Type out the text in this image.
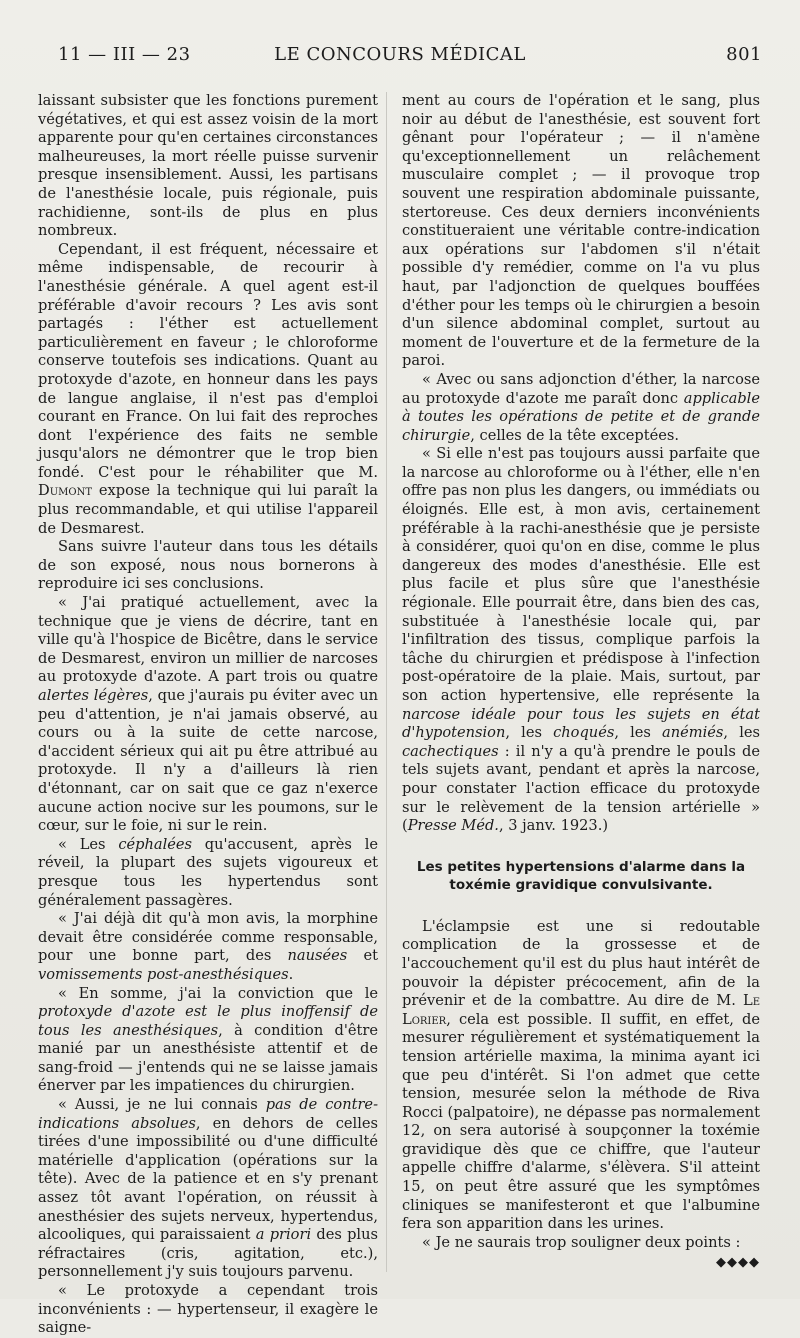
11 — III — 23	LE CONCOURS MÉDICAL	801

laissant subsister que les fonctions purement végétatives, et qui est assez voisin de la mort apparente pour qu'en certaines circonstances malheureuses, la mort réelle puisse survenir presque insensiblement. Aussi, les partisans de l'anesthésie locale, puis régionale, puis rachidienne, sont-ils de plus en plus nombreux.

Cependant, il est fréquent, nécessaire et même indispensable, de recourir à l'anesthésie générale. A quel agent est-il préférable d'avoir recours ? Les avis sont partagés : l'éther est actuellement particulièrement en faveur ; le chloroforme conserve toutefois ses indications. Quant au protoxyde d'azote, en honneur dans les pays de langue anglaise, il n'est pas d'emploi courant en France. On lui fait des reproches dont l'expérience des faits ne semble jusqu'alors ne démontrer que le trop bien fondé. C'est pour le réhabiliter que M. Dumont expose la technique qui lui paraît la plus recommandable, et qui utilise l'appareil de Desmarest.

Sans suivre l'auteur dans tous les détails de son exposé, nous nous bornerons à reproduire ici ses conclusions.

« J'ai pratiqué actuellement, avec la technique que je viens de décrire, tant en ville qu'à l'hospice de Bicêtre, dans le service de Desmarest, environ un millier de narcoses au protoxyde d'azote. A part trois ou quatre alertes légères, que j'aurais pu éviter avec un peu d'attention, je n'ai jamais observé, au cours ou à la suite de cette narcose, d'accident sérieux qui ait pu être attribué au protoxyde. Il n'y a d'ailleurs là rien d'étonnant, car on sait que ce gaz n'exerce aucune action nocive sur les poumons, sur le cœur, sur le foie, ni sur le rein.

« Les céphalées qu'accusent, après le réveil, la plupart des sujets vigoureux et presque tous les hypertendus sont généralement passagères.

« J'ai déjà dit qu'à mon avis, la morphine devait être considérée comme responsable, pour une bonne part, des nausées et vomissements post-anesthésiques.

« En somme, j'ai la conviction que le protoxyde d'azote est le plus inoffensif de tous les anesthésiques, à condition d'être manié par un anesthésiste attentif et de sang-froid — j'entends qui ne se laisse jamais énerver par les impatiences du chirurgien.

« Aussi, je ne lui connais pas de contre-indications absolues, en dehors de celles tirées d'une impossibilité ou d'une difficulté matérielle d'application (opérations sur la tête). Avec de la patience et en s'y prenant assez tôt avant l'opération, on réussit à anesthésier des sujets nerveux, hypertendus, alcooliques, qui paraissaient a priori des plus réfractaires (cris, agitation, etc.), personnellement j'y suis toujours parvenu.

« Le protoxyde a cependant trois inconvénients : — hypertenseur, il exagère le saigne-

ment au cours de l'opération et le sang, plus noir au début de l'anesthésie, est souvent fort gênant pour l'opérateur ; — il n'amène qu'exceptionnellement un relâchement musculaire complet ; — il provoque trop souvent une respiration abdominale puissante, stertoreuse. Ces deux derniers inconvénients constitueraient une véritable contre-indication aux opérations sur l'abdomen s'il n'était possible d'y remédier, comme on l'a vu plus haut, par l'adjonction de quelques bouffées d'éther pour les temps où le chirurgien a besoin d'un silence abdominal complet, surtout au moment de l'ouverture et de la fermeture de la paroi.

« Avec ou sans adjonction d'éther, la narcose au protoxyde d'azote me paraît donc applicable à toutes les opérations de petite et de grande chirurgie, celles de la tête exceptées.

« Si elle n'est pas toujours aussi parfaite que la narcose au chloroforme ou à l'éther, elle n'en offre pas non plus les dangers, ou immédiats ou éloignés. Elle est, à mon avis, certainement préférable à la rachi-anesthésie que je persiste à considérer, quoi qu'on en dise, comme le plus dangereux des modes d'anesthésie. Elle est plus facile et plus sûre que l'anesthésie régionale. Elle pourrait être, dans bien des cas, substituée à l'anesthésie locale qui, par l'infiltration des tissus, complique parfois la tâche du chirurgien et prédispose à l'infection post-opératoire de la plaie. Mais, surtout, par son action hypertensive, elle représente la narcose idéale pour tous les sujets en état d'hypotension, les choqués, les anémiés, les cachectiques : il n'y a qu'à prendre le pouls de tels sujets avant, pendant et après la narcose, pour constater l'action efficace du protoxyde sur le relèvement de la tension artérielle » (Presse Méd., 3 janv. 1923.)

Les petites hypertensions d'alarme dans la toxémie gravidique convulsivante.

L'éclampsie est une si redoutable complication de la grossesse et de l'accouchement qu'il est du plus haut intérêt de pouvoir la dépister précocement, afin de la prévenir et de la combattre. Au dire de M. Le Lorier, cela est possible. Il suffit, en effet, de mesurer régulièrement et systématiquement la tension artérielle maxima, la minima ayant ici que peu d'intérêt. Si l'on admet que cette tension, mesurée selon la méthode de Riva Rocci (palpatoire), ne dépasse pas normalement 12, on sera autorisé à soupçonner la toxémie gravidique dès que ce chiffre, que l'auteur appelle chiffre d'alarme, s'élèvera. S'il atteint 15, on peut être assuré que les symptômes cliniques se manifesteront et que l'albumine fera son apparition dans les urines.

« Je ne saurais trop souligner deux points :

◆◆◆◆
